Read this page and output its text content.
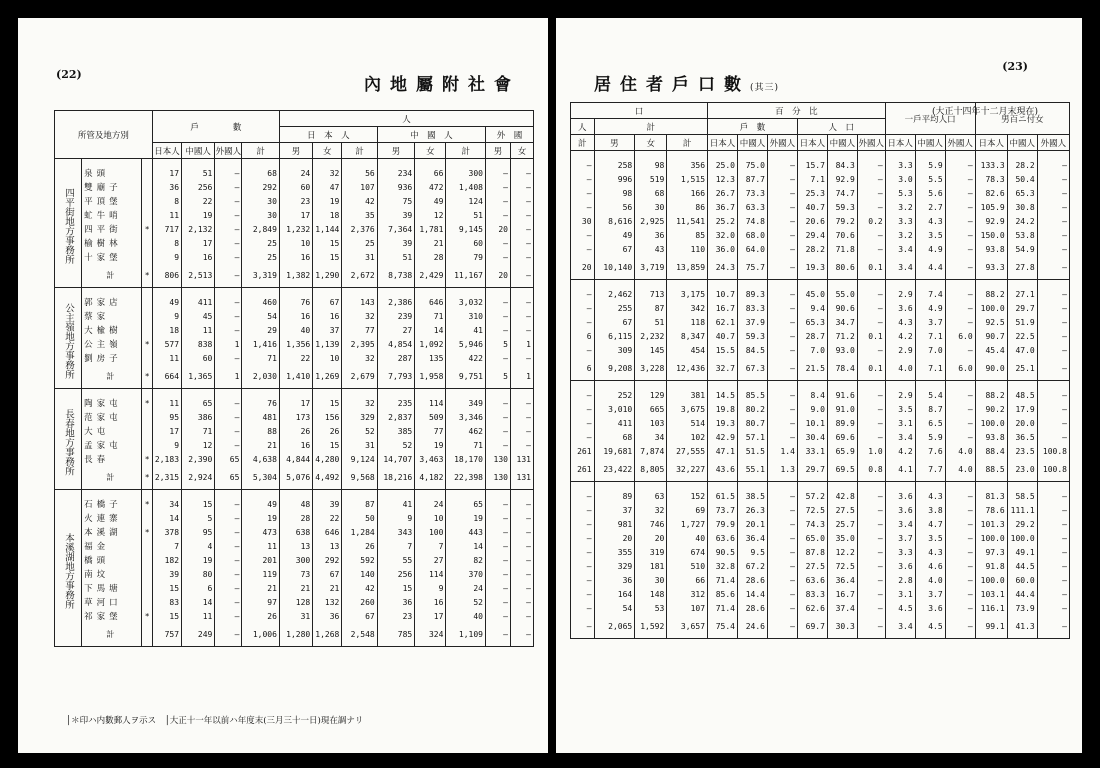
(22)
內地屬附社會
所管及地方別			戶　　　　 數				人							
							日　本　人			中　國　人			外　國	
			日本人	中國人	外國人	計	男	女	計	男	女	計	男	女
四平街地方事務所	泉頭		17	51	—	68	24	32	56	234	66	300	—	—
	雙廟子		36	256	—	292	60	47	107	936	472	1,408	—	—
	平頂堡		8	22	—	30	23	19	42	75	49	124	—	—
	虻牛哨		11	19	—	30	17	18	35	39	12	51	—	—
	四平街	*	717	2,132	—	2,849	1,232	1,144	2,376	7,364	1,781	9,145	20	—
	榆樹林		8	17	—	25	10	15	25	39	21	60	—	—
	十家堡		9	16	—	25	16	15	31	51	28	79	—	—
	計	*	806	2,513	—	3,319	1,382	1,290	2,672	8,738	2,429	11,167	20	—
公主嶺地方事務所	郭家店		49	411	—	460	76	67	143	2,386	646	3,032	—	—
	蔡家		9	45	—	54	16	16	32	239	71	310	—	—
	大楡樹		18	11	—	29	40	37	77	27	14	41	—	—
	公主嶺	*	577	838	1	1,416	1,356	1,139	2,395	4,854	1,092	5,946	5	1
	劉房子		11	60	—	71	22	10	32	287	135	422	—	—
	計	*	664	1,365	1	2,030	1,410	1,269	2,679	7,793	1,958	9,751	5	1
長春地方事務所	陶家屯	*	11	65	—	76	17	15	32	235	114	349	—	—
	范家屯		95	386	—	481	173	156	329	2,837	509	3,346	—	—
	大屯		17	71	—	88	26	26	52	385	77	462	—	—
	孟家屯		9	12	—	21	16	15	31	52	19	71	—	—
	長春	*	2,183	2,390	65	4,638	4,844	4,280	9,124	14,707	3,463	18,170	130	131
	計	*	2,315	2,924	65	5,304	5,076	4,492	9,568	18,216	4,182	22,398	130	131
本溪湖地方事務所	石橋子	*	34	15	—	49	48	39	87	41	24	65	—	—
	火連寨		14	5	—	19	28	22	50	9	10	19	—	—
	本溪湖	*	378	95	—	473	638	646	1,284	343	100	443	—	—
	福金		7	4	—	11	13	13	26	7	7	14	—	—
	橋頭		182	19	—	201	300	292	592	55	27	82	—	—
	南坟		39	80	—	119	73	67	140	256	114	370	—	—
	下馬塘		15	6	—	21	21	21	42	15	9	24	—	—
	草河口		83	14	—	97	128	132	260	36	16	52	—	—
	祁家堡	*	15	11	—	26	31	36	67	23	17	40	—	—
	計		757	249	—	1,006	1,280	1,268	2,548	785	324	1,109	—	—
│＊印ハ内數郵人ヲ示ス　│大正十一年以前ハ年度末(三月三十一日)現在調ナリ
居住者戶口數(其三)
(23)
(大正十四年十二月末現在)
口				百　分　比						一戶平均人口			男百ニ付女		
人	計			戶　數			人　口								
計	男	女	計	日本人	中國人	外國人	日本人	中國人	外國人	日本人	中國人	外國人	日本人	中國人	外國人
—	258	98	356	25.0	75.0	—	15.7	84.3	—	3.3	5.9	—	133.3	28.2	—
—	996	519	1,515	12.3	87.7	—	7.1	92.9	—	3.0	5.5	—	78.3	50.4	—
—	98	68	166	26.7	73.3	—	25.3	74.7	—	5.3	5.6	—	82.6	65.3	—
—	56	30	86	36.7	63.3	—	40.7	59.3	—	3.2	2.7	—	105.9	30.8	—
30	8,616	2,925	11,541	25.2	74.8	—	20.6	79.2	0.2	3.3	4.3	—	92.9	24.2	—
—	49	36	85	32.0	68.0	—	29.4	70.6	—	3.2	3.5	—	150.0	53.8	—
—	67	43	110	36.0	64.0	—	28.2	71.8	—	3.4	4.9	—	93.8	54.9	—
20	10,140	3,719	13,859	24.3	75.7	—	19.3	80.6	0.1	3.4	4.4	—	93.3	27.8	—
—	2,462	713	3,175	10.7	89.3	—	45.0	55.0	—	2.9	7.4	—	88.2	27.1	—
—	255	87	342	16.7	83.3	—	9.4	90.6	—	3.6	4.9	—	100.0	29.7	—
—	67	51	118	62.1	37.9	—	65.3	34.7	—	4.3	3.7	—	92.5	51.9	—
6	6,115	2,232	8,347	40.7	59.3	—	28.7	71.2	0.1	4.2	7.1	6.0	90.7	22.5	—
—	309	145	454	15.5	84.5	—	7.0	93.0	—	2.9	7.0	—	45.4	47.0	—
6	9,208	3,228	12,436	32.7	67.3	—	21.5	78.4	0.1	4.0	7.1	6.0	90.0	25.1	—
—	252	129	381	14.5	85.5	—	8.4	91.6	—	2.9	5.4	—	88.2	48.5	—
—	3,010	665	3,675	19.8	80.2	—	9.0	91.0	—	3.5	8.7	—	90.2	17.9	—
—	411	103	514	19.3	80.7	—	10.1	89.9	—	3.1	6.5	—	100.0	20.0	—
—	68	34	102	42.9	57.1	—	30.4	69.6	—	3.4	5.9	—	93.8	36.5	—
261	19,681	7,874	27,555	47.1	51.5	1.4	33.1	65.9	1.0	4.2	7.6	4.0	88.4	23.5	100.8
261	23,422	8,805	32,227	43.6	55.1	1.3	29.7	69.5	0.8	4.1	7.7	4.0	88.5	23.0	100.8
—	89	63	152	61.5	38.5	—	57.2	42.8	—	3.6	4.3	—	81.3	58.5	—
—	37	32	69	73.7	26.3	—	72.5	27.5	—	3.6	3.8	—	78.6	111.1	—
—	981	746	1,727	79.9	20.1	—	74.3	25.7	—	3.4	4.7	—	101.3	29.2	—
—	20	20	40	63.6	36.4	—	65.0	35.0	—	3.7	3.5	—	100.0	100.0	—
—	355	319	674	90.5	9.5	—	87.8	12.2	—	3.3	4.3	—	97.3	49.1	—
—	329	181	510	32.8	67.2	—	27.5	72.5	—	3.6	4.6	—	91.8	44.5	—
—	36	30	66	71.4	28.6	—	63.6	36.4	—	2.8	4.0	—	100.0	60.0	—
—	164	148	312	85.6	14.4	—	83.3	16.7	—	3.1	3.7	—	103.1	44.4	—
—	54	53	107	71.4	28.6	—	62.6	37.4	—	4.5	3.6	—	116.1	73.9	—
—	2,065	1,592	3,657	75.4	24.6	—	69.7	30.3	—	3.4	4.5	—	99.1	41.3	—
